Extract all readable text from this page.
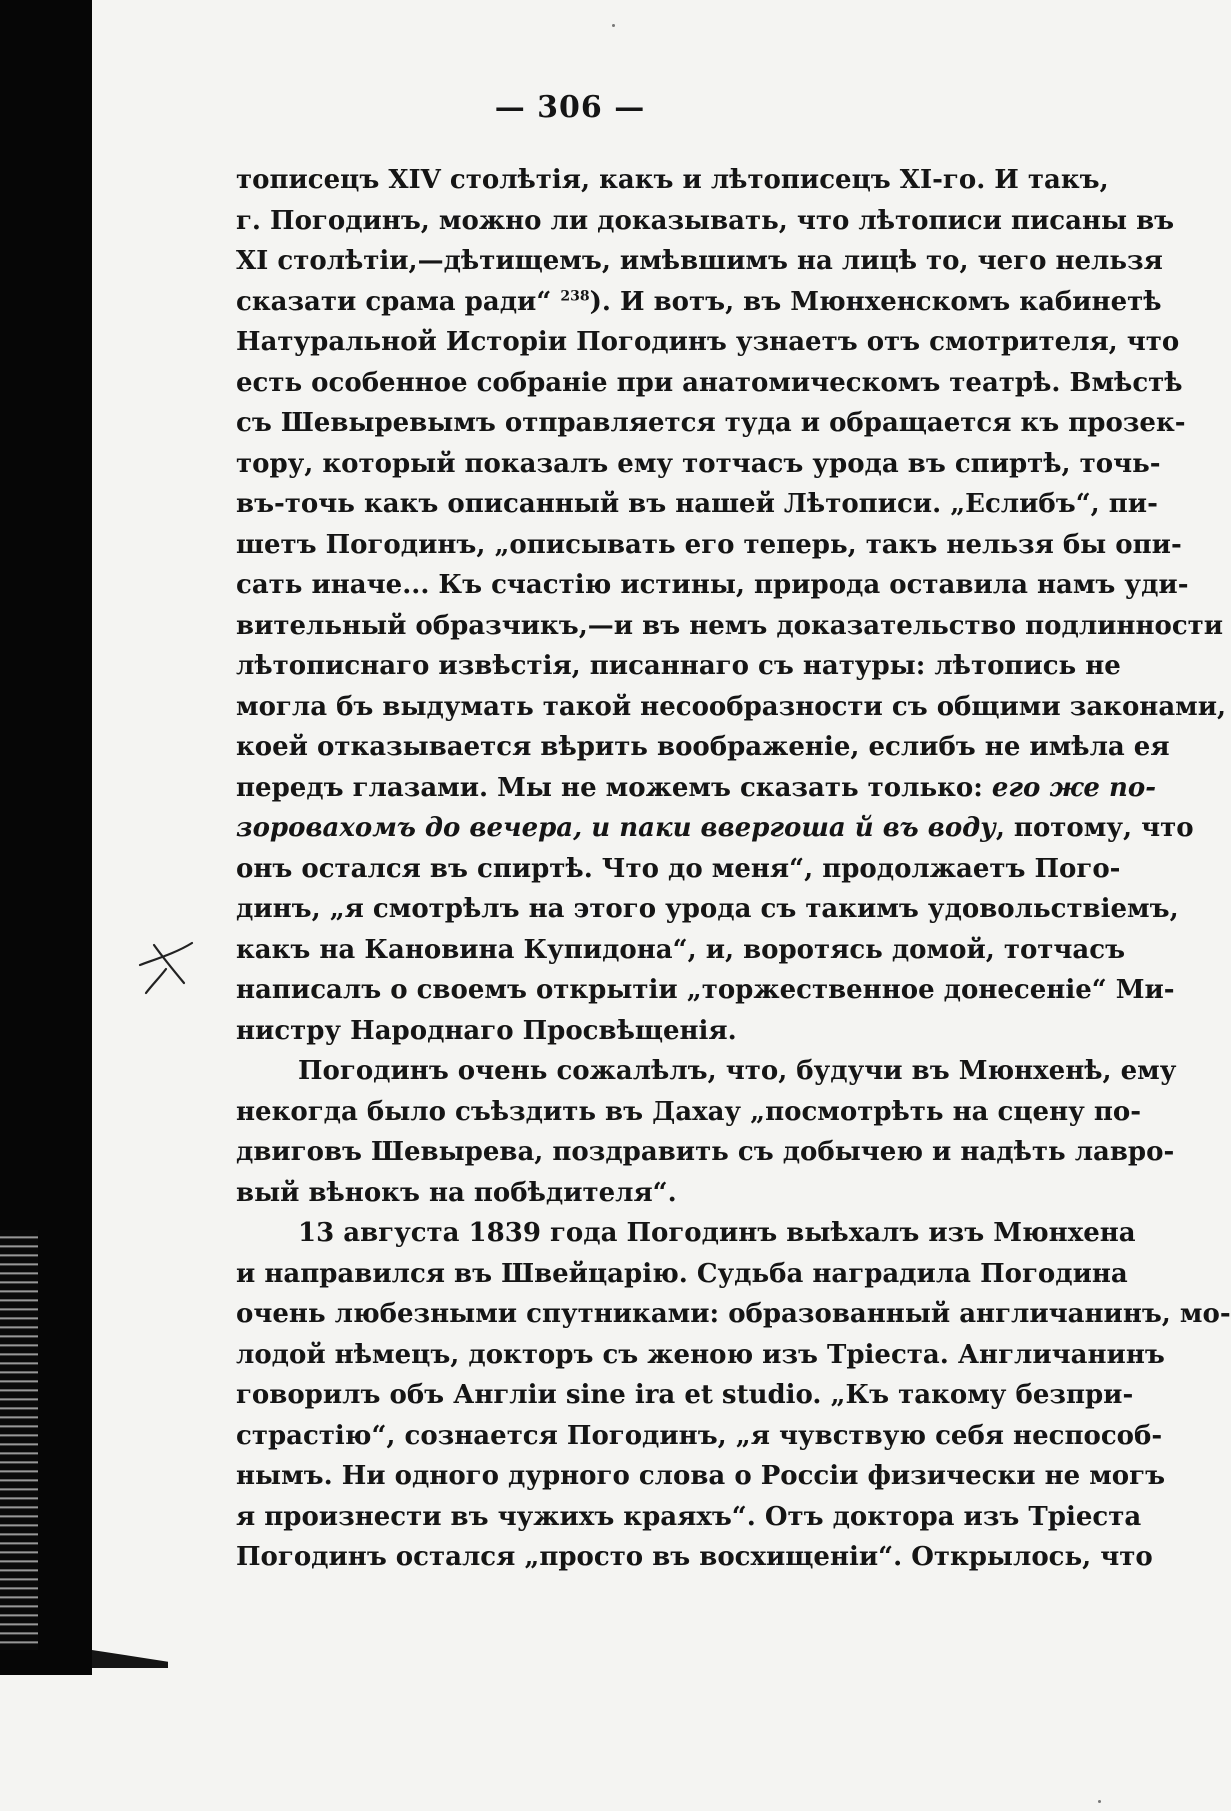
— 306 —
тописецъ XIV столѣтія, какъ и лѣтописецъ XI-го. И такъ,
г. Погодинъ, можно ли доказывать, что лѣтописи писаны въ
XI столѣтіи,—дѣтищемъ, имѣвшимъ на лицѣ то, чего нельзя
сказати срама ради“ $^{238}$). И вотъ, въ Мюнхенскомъ кабинетѣ
Натуральной Исторіи Погодинъ узнаетъ отъ смотрителя, что
есть особенное собраніе при анатомическомъ театрѣ. Вмѣстѣ
съ Шевыревымъ отправляется туда и обращается къ прозек-
тору, который показалъ ему тотчасъ урода въ спиртѣ, точь-
въ-точь какъ описанный въ нашей Лѣтописи. „Еслибъ“, пи-
шетъ Погодинъ, „описывать его теперь, такъ нельзя бы опи-
сать иначе... Къ счастію истины, природа оставила намъ уди-
вительный образчикъ,—и въ немъ доказательство подлинности
лѣтописнаго извѣстія, писаннаго съ натуры: лѣтопись не
могла бъ выдумать такой несообразности съ общими законами,
коей отказывается вѣрить воображеніе, еслибъ не имѣла ея
передъ глазами. Мы не можемъ сказать только: его же по-
зоровахомъ до вечера, и паки ввергоша й въ воду, потому, что
онъ остался въ спиртѣ. Что до меня“, продолжаетъ Пого-
динъ, „я смотрѣлъ на этого урода съ такимъ удовольствіемъ,
какъ на Кановина Купидона“, и, воротясь домой, тотчасъ
написалъ о своемъ открытіи „торжественное донесеніе“ Ми-
нистру Народнаго Просвѣщенія.
Погодинъ очень сожалѣлъ, что, будучи въ Мюнхенѣ, ему
некогда было съѣздить въ Дахау „посмотрѣть на сцену по-
двиговъ Шевырева, поздравить съ добычею и надѣть лавро-
вый вѣнокъ на побѣдителя“.
13 августа 1839 года Погодинъ выѣхалъ изъ Мюнхена
и направился въ Швейцарію. Судьба наградила Погодина
очень любезными спутниками: образованный англичанинъ, мо-
лодой нѣмецъ, докторъ съ женою изъ Тріеста. Англичанинъ
говорилъ объ Англіи sine ira et studio. „Къ такому безпри-
страстію“, сознается Погодинъ, „я чувствую себя неспособ-
нымъ. Ни одного дурного слова о Россіи физически не могъ
я произнести въ чужихъ краяхъ“. Отъ доктора изъ Тріеста
Погодинъ остался „просто въ восхищеніи“. Открылось, что
